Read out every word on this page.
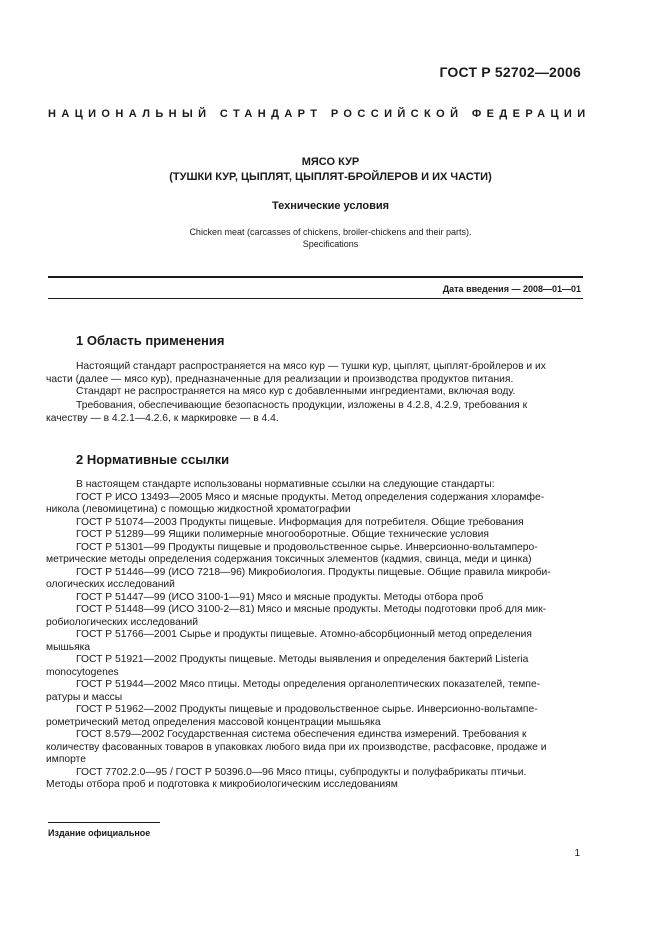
ГОСТ Р 52702—2006
НАЦИОНАЛЬНЫЙ СТАНДАРТ РОССИЙСКОЙ ФЕДЕРАЦИИ
МЯСО КУР
(ТУШКИ КУР, ЦЫПЛЯТ, ЦЫПЛЯТ-БРОЙЛЕРОВ И ИХ ЧАСТИ)
Технические условия
Chicken meat (carcasses of chickens, broiler-chickens and their parts).
Specifications
Дата введения — 2008—01—01
1 Область применения
Настоящий стандарт распространяется на мясо кур — тушки кур, цыплят, цыплят-бройлеров и их
части (далее — мясо кур), предназначенные для реализации и производства продуктов питания.
Стандарт не распространяется на мясо кур с добавленными ингредиентами, включая воду.
Требования, обеспечивающие безопасность продукции, изложены в 4.2.8, 4.2.9, требования к
качеству — в 4.2.1—4.2.6, к маркировке — в 4.4.
2 Нормативные ссылки
В настоящем стандарте использованы нормативные ссылки на следующие стандарты:
ГОСТ Р ИСО 13493—2005 Мясо и мясные продукты. Метод определения содержания хлорамфе-
никола (левомицетина) с помощью жидкостной хроматографии
ГОСТ Р 51074—2003 Продукты пищевые. Информация для потребителя. Общие требования
ГОСТ Р 51289—99 Ящики полимерные многооборотные. Общие технические условия
ГОСТ Р 51301—99 Продукты пищевые и продовольственное сырье. Инверсионно-вольтамперо-
метрические методы определения содержания токсичных элементов (кадмия, свинца, меди и цинка)
ГОСТ Р 51446—99 (ИСО 7218—96) Микробиология. Продукты пищевые. Общие правила микроби-
ологических исследований
ГОСТ Р 51447—99 (ИСО 3100-1—91) Мясо и мясные продукты. Методы отбора проб
ГОСТ Р 51448—99 (ИСО 3100-2—81) Мясо и мясные продукты. Методы подготовки проб для мик-
робиологических исследований
ГОСТ Р 51766—2001 Сырье и продукты пищевые. Атомно-абсорбционный метод определения
мышьяка
ГОСТ Р 51921—2002 Продукты пищевые. Методы выявления и определения бактерий Listeria
monocytogenes
ГОСТ Р 51944—2002 Мясо птицы. Методы определения органолептических показателей, темпе-
ратуры и массы
ГОСТ Р 51962—2002 Продукты пищевые и продовольственное сырье. Инверсионно-вольтампе-
рометрический метод определения массовой концентрации мышьяка
ГОСТ 8.579—2002 Государственная система обеспечения единства измерений. Требования к
количеству фасованных товаров в упаковках любого вида при их производстве, расфасовке, продаже и
импорте
ГОСТ 7702.2.0—95 / ГОСТ Р 50396.0—96 Мясо птицы, субпродукты и полуфабрикаты птичьи.
Методы отбора проб и подготовка к микробиологическим исследованиям
Издание официальное
1
